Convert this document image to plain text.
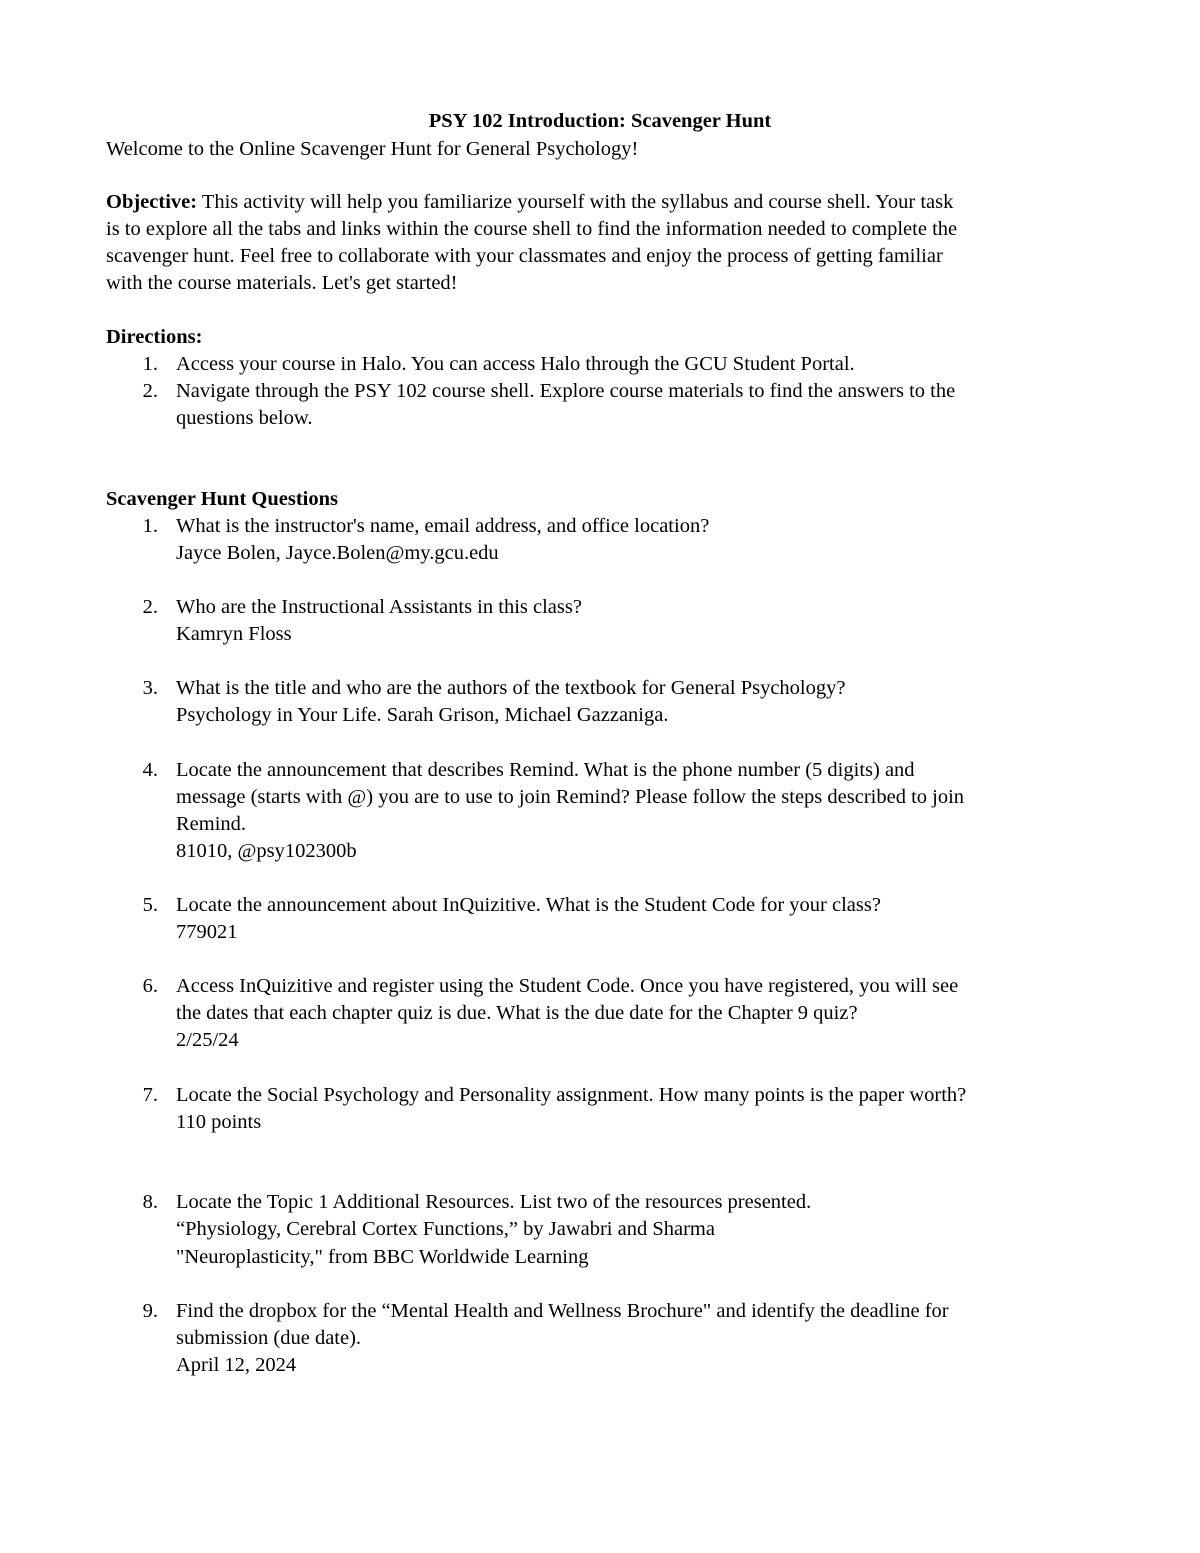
PSY 102 Introduction: Scavenger Hunt
Welcome to the Online Scavenger Hunt for General Psychology!
Objective: This activity will help you familiarize yourself with the syllabus and course shell. Your task
is to explore all the tabs and links within the course shell to find the information needed to complete the
scavenger hunt. Feel free to collaborate with your classmates and enjoy the process of getting familiar
with the course materials. Let's get started!
Directions:
1. Access your course in Halo. You can access Halo through the GCU Student Portal.
2. Navigate through the PSY 102 course shell. Explore course materials to find the answers to the
questions below.
Scavenger Hunt Questions
1. What is the instructor's name, email address, and office location?
Jayce Bolen, Jayce.Bolen@my.gcu.edu
2. Who are the Instructional Assistants in this class?
Kamryn Floss
3. What is the title and who are the authors of the textbook for General Psychology?
Psychology in Your Life. Sarah Grison, Michael Gazzaniga.
4. Locate the announcement that describes Remind. What is the phone number (5 digits) and
message (starts with @) you are to use to join Remind? Please follow the steps described to join
Remind.
81010, @psy102300b
5. Locate the announcement about InQuizitive. What is the Student Code for your class?
779021
6. Access InQuizitive and register using the Student Code. Once you have registered, you will see
the dates that each chapter quiz is due. What is the due date for the Chapter 9 quiz?
2/25/24
7. Locate the Social Psychology and Personality assignment. How many points is the paper worth?
110 points
8. Locate the Topic 1 Additional Resources. List two of the resources presented.
“Physiology, Cerebral Cortex Functions,” by Jawabri and Sharma
"Neuroplasticity," from BBC Worldwide Learning
9. Find the dropbox for the “Mental Health and Wellness Brochure" and identify the deadline for
submission (due date).
April 12, 2024
